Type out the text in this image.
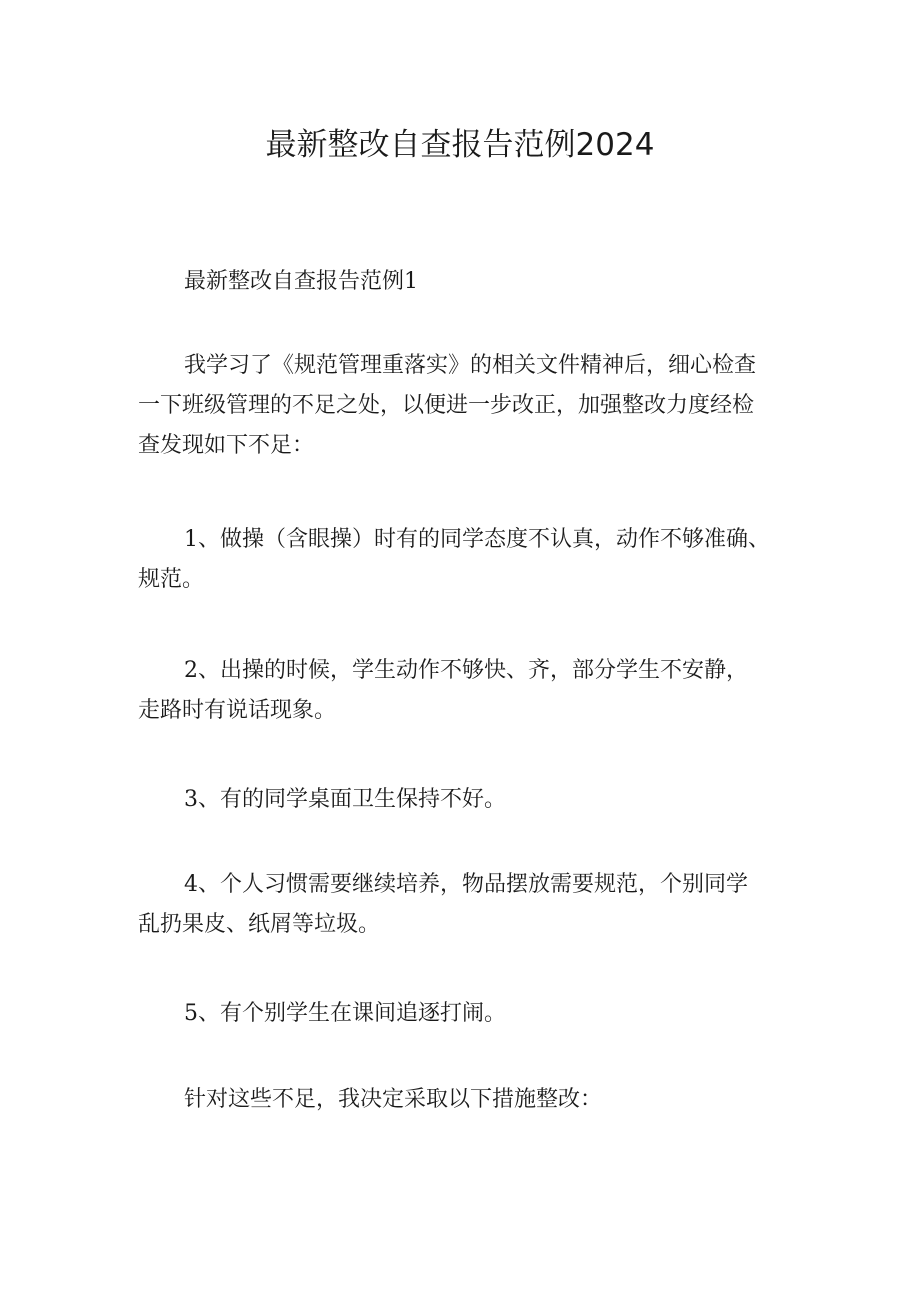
最新整改自查报告范例2024

最新整改自查报告范例1

我学习了《规范管理重落实》的相关文件精神后，细心检查
一下班级管理的不足之处，以便进一步改正，加强整改力度经检
查发现如下不足：

1、做操（含眼操）时有的同学态度不认真，动作不够准确、
规范。

2、出操的时候，学生动作不够快、齐，部分学生不安静，
走路时有说话现象。

3、有的同学桌面卫生保持不好。

4、个人习惯需要继续培养，物品摆放需要规范，个别同学
乱扔果皮、纸屑等垃圾。

5、有个别学生在课间追逐打闹。

针对这些不足，我决定采取以下措施整改：
